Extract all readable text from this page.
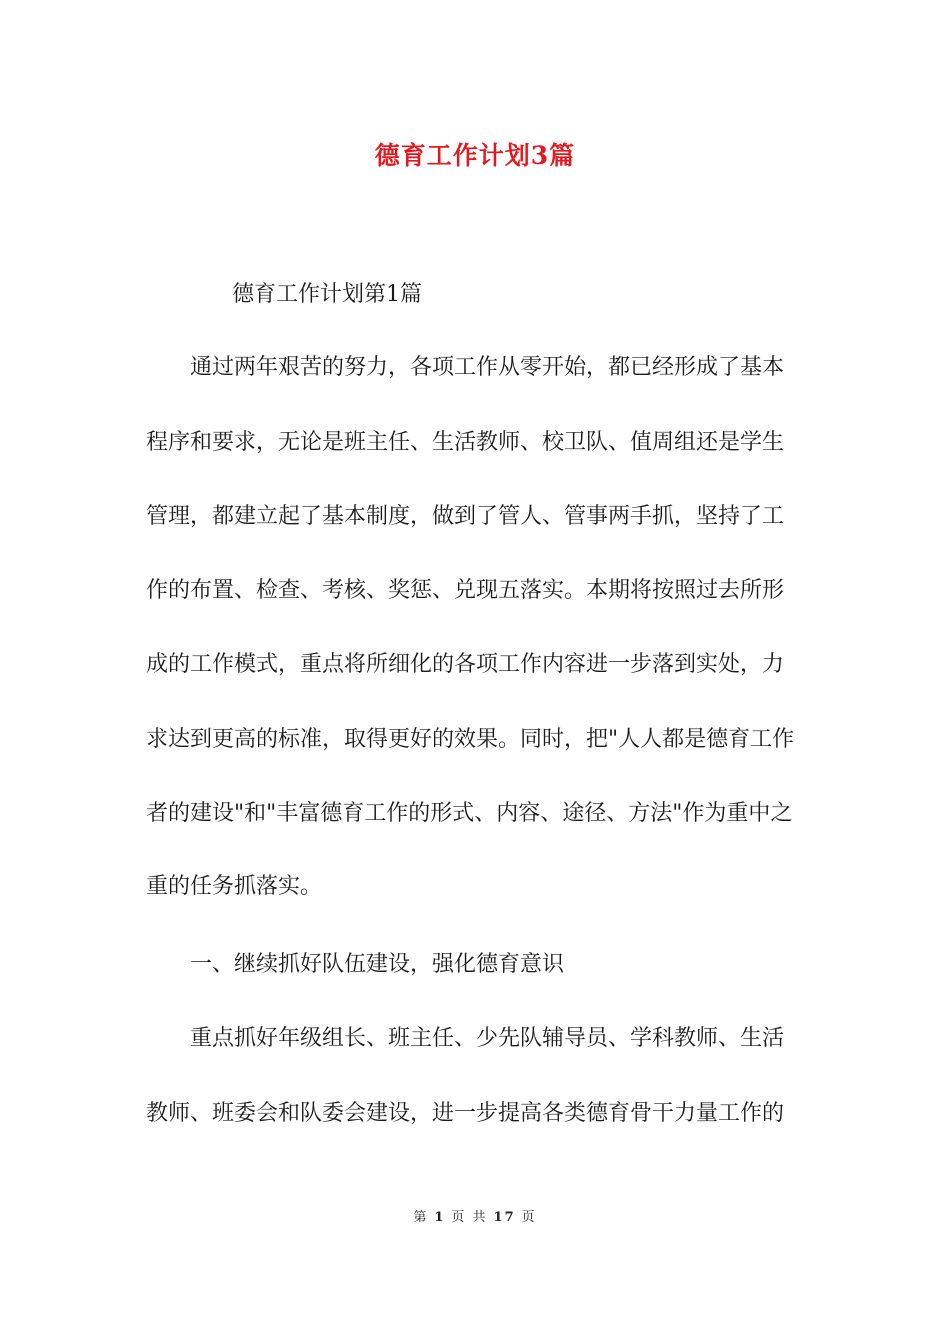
德育工作计划3篇
德育工作计划第1篇
通过两年艰苦的努力，各项工作从零开始，都已经形成了基本
程序和要求，无论是班主任、生活教师、校卫队、值周组还是学生
管理，都建立起了基本制度，做到了管人、管事两手抓，坚持了工
作的布置、检查、考核、奖惩、兑现五落实。本期将按照过去所形
成的工作模式，重点将所细化的各项工作内容进一步落到实处，力
求达到更高的标准，取得更好的效果。同时，把"人人都是德育工作
者的建设"和"丰富德育工作的形式、内容、途径、方法"作为重中之
重的任务抓落实。
一、继续抓好队伍建设，强化德育意识
重点抓好年级组长、班主任、少先队辅导员、学科教师、生活
教师、班委会和队委会建设，进一步提高各类德育骨干力量工作的
第 1 页 共 17 页
